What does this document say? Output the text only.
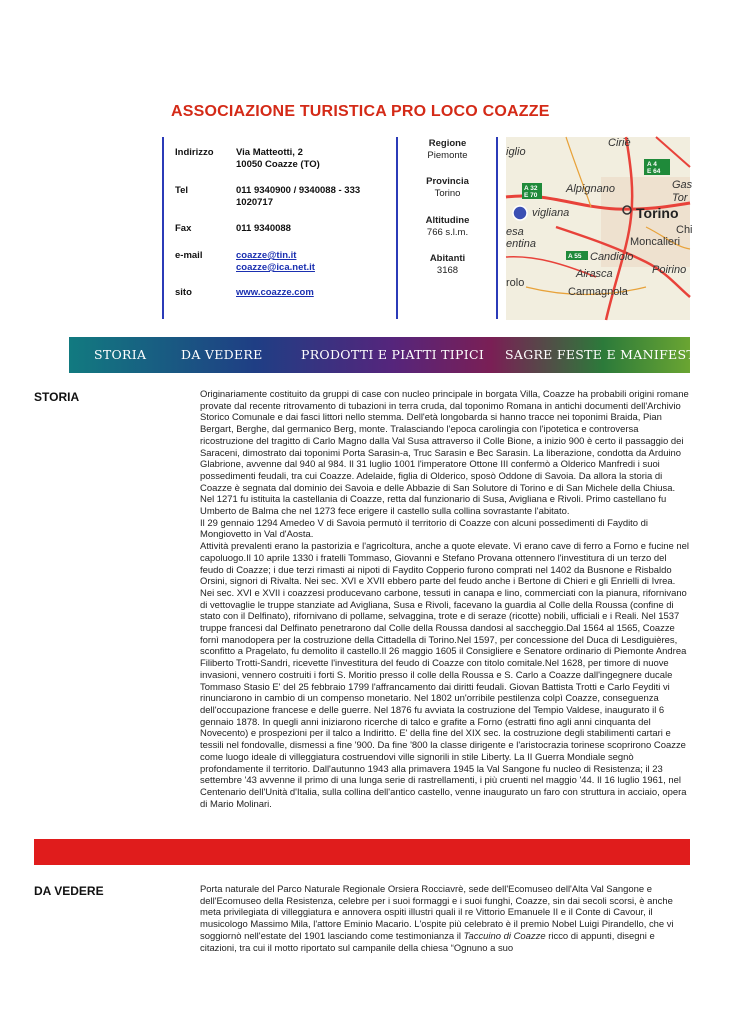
ASSOCIAZIONE TURISTICA PRO LOCO COAZZE
Indirizzo	Via Matteotti, 2
10050 Coazze (TO)
Tel	011 9340900 / 9340088 - 333 1020717
Fax	011 9340088
e-mail	coazze@tin.it
coazze@ica.net.it
sito	www.coazze.com
Regione
Piemonte
Provincia
Torino
Altitudine
766 s.l.m.
Abitanti
3168
A 4
E 64
A 32
E 70
A 55
Ciriè
iglio
Alpignano	Gas
Tor
vigliana	Torino
Chi
esa
Moncalieri
entina
Candiolo
Airasca	Poirino
rolo
Carmagnola
STORIA	DA VEDERE	PRODOTTI E PIATTI TIPICI SAGRE FESTE E MANIFESTAZIONI
STORIA	Originariamente costituito da gruppi di case con nucleo principale in borgata Villa, Coazze ha probabili origini romane provate dal recente ritrovamento di tubazioni in terra cruda, dal toponimo Romana in antichi documenti dell'Archivio Storico Comunale e dai fasci littori nello stemma. Dell'età longobarda si hanno tracce nei toponimi Braida, Pian Bergart, Berghe, dal germanico Berg, monte. Tralasciando l'epoca carolingia con l'ipotetica e controversa ricostruzione del tragitto di Carlo Magno dalla Val Susa attraverso il Colle Bione, a inizio 900 è certo il passaggio dei Saraceni, dimostrato dai toponimi Porta Sarasin-a, Truc Sarasin e Bec Sarasin. La liberazione, condotta da Arduino Glabrione, avvenne dal 940 al 984. Il 31 luglio 1001 l'imperatore Ottone III confermò a Olderico Manfredi i suoi possedimenti feudali, tra cui Coazze. Adelaide, figlia di Olderico, sposò Oddone di Savoia. Da allora la storia di Coazze è segnata dal dominio dei Savoia e delle Abbazie di San Solutore di Torino e di San Michele della Chiusa.

Nel 1271 fu istituita la castellania di Coazze, retta dal funzionario di Susa, Avigliana e Rivoli. Primo castellano fu Umberto de Balma che nel 1273 fece erigere il castello sulla collina sovrastante l'abitato.

Il 29 gennaio 1294 Amedeo V di Savoia permutò il territorio di Coazze con alcuni possedimenti di Faydito di Mongiovetto in Val d'Aosta.

Attività prevalenti erano la pastorizia e l'agricoltura, anche a quote elevate. Vi erano cave di ferro a Forno e fucine nel capoluogo.Il 10 aprile 1330 i fratelli Tommaso, Giovanni e Stefano Provana ottennero l'investitura di un terzo del feudo di Coazze; i due terzi rimasti ai nipoti di Faydito Copperio furono comprati nel 1402 da Busnone e Risbaldo Orsini, signori di Rivalta. Nei sec. XVI e XVII ebbero parte del feudo anche i Bertone di Chieri e gli Enrielli di Ivrea. Nei sec. XVI e XVII i coazzesi producevano carbone, tessuti in canapa e lino, commerciati con la pianura, rifornivano di vettovaglie le truppe stanziate ad Avigliana, Susa e Rivoli, facevano la guardia al Colle della Roussa (confine di stato con il Delfinato), rifornivano di pollame, selvaggina, trote e di seraze (ricotte) nobili, ufficiali e i Reali. Nel 1537 truppe francesi dal Delfinato penetrarono dal Colle della Roussa dandosi al saccheggio.Dal 1564 al 1565, Coazze fornì manodopera per la costruzione della Cittadella di Torino.Nel 1597, per concessione del Duca di Lesdiguières, sconfitto a Pragelato, fu demolito il castello.Il 26 maggio 1605 il Consigliere e Senatore ordinario di Piemonte Andrea Filiberto Trotti-Sandri, ricevette l'investitura del feudo di Coazze con titolo comitale.Nel 1628, per timore di nuove invasioni, vennero costruiti i forti S. Moritio presso il colle della Roussa e S. Carlo a Coazze dall'ingegnere ducale Tommaso Stasio E' del 25 febbraio 1799 l'affrancamento dai diritti feudali. Giovan Battista Trotti e Carlo Feyditi vi rinunciarono in cambio di un compenso monetario. Nel 1802 un'orribile pestilenza colpì Coazze, conseguenza dell'occupazione francese e delle guerre. Nel 1876 fu avviata la costruzione del Tempio Valdese, inaugurato il 6 gennaio 1878. In quegli anni iniziarono ricerche di talco e grafite a Forno (estratti fino agli anni cinquanta del Novecento) e prospezioni per il talco a Indiritto. E' della fine del XIX sec. la costruzione degli stabilimenti cartari e tessili nel fondovalle, dismessi a fine '900. Da fine '800 la classe dirigente e l'aristocrazia torinese scoprirono Coazze come luogo ideale di villeggiatura costruendovi ville signorili in stile Liberty. La II Guerra Mondiale segnò profondamente il territorio. Dall'autunno 1943 alla primavera 1945 la Val Sangone fu nucleo di Resistenza; il 23 settembre '43 avvenne il primo di una lunga serie di rastrellamenti, i più cruenti nel maggio '44. Il 16 luglio 1961, nel Centenario dell'Unità d'Italia, sulla collina dell'antico castello, venne inaugurato un faro con struttura in acciaio, opera di Mario Molinari.

DA VEDERE	Porta naturale del Parco Naturale Regionale Orsiera Rocciavrè, sede dell'Ecomuseo dell'Alta Val Sangone e dell'Ecomuseo della Resistenza, celebre per i suoi formaggi e i suoi funghi, Coazze, sin dai secoli scorsi, è anche meta privilegiata di villeggiatura e annovera ospiti illustri quali il re Vittorio Emanuele II e il Conte di Cavour, il musicologo Massimo Mila, l'attore Eminio Macario. L'ospite più celebrato è il premio Nobel Luigi Pirandello, che vi soggiornò nell'estate del 1901 lasciando come testimonianza il Taccuino di Coazze ricco di appunti, disegni e citazioni, tra cui il motto riportato sul campanile della chiesa “Ognuno a suo
